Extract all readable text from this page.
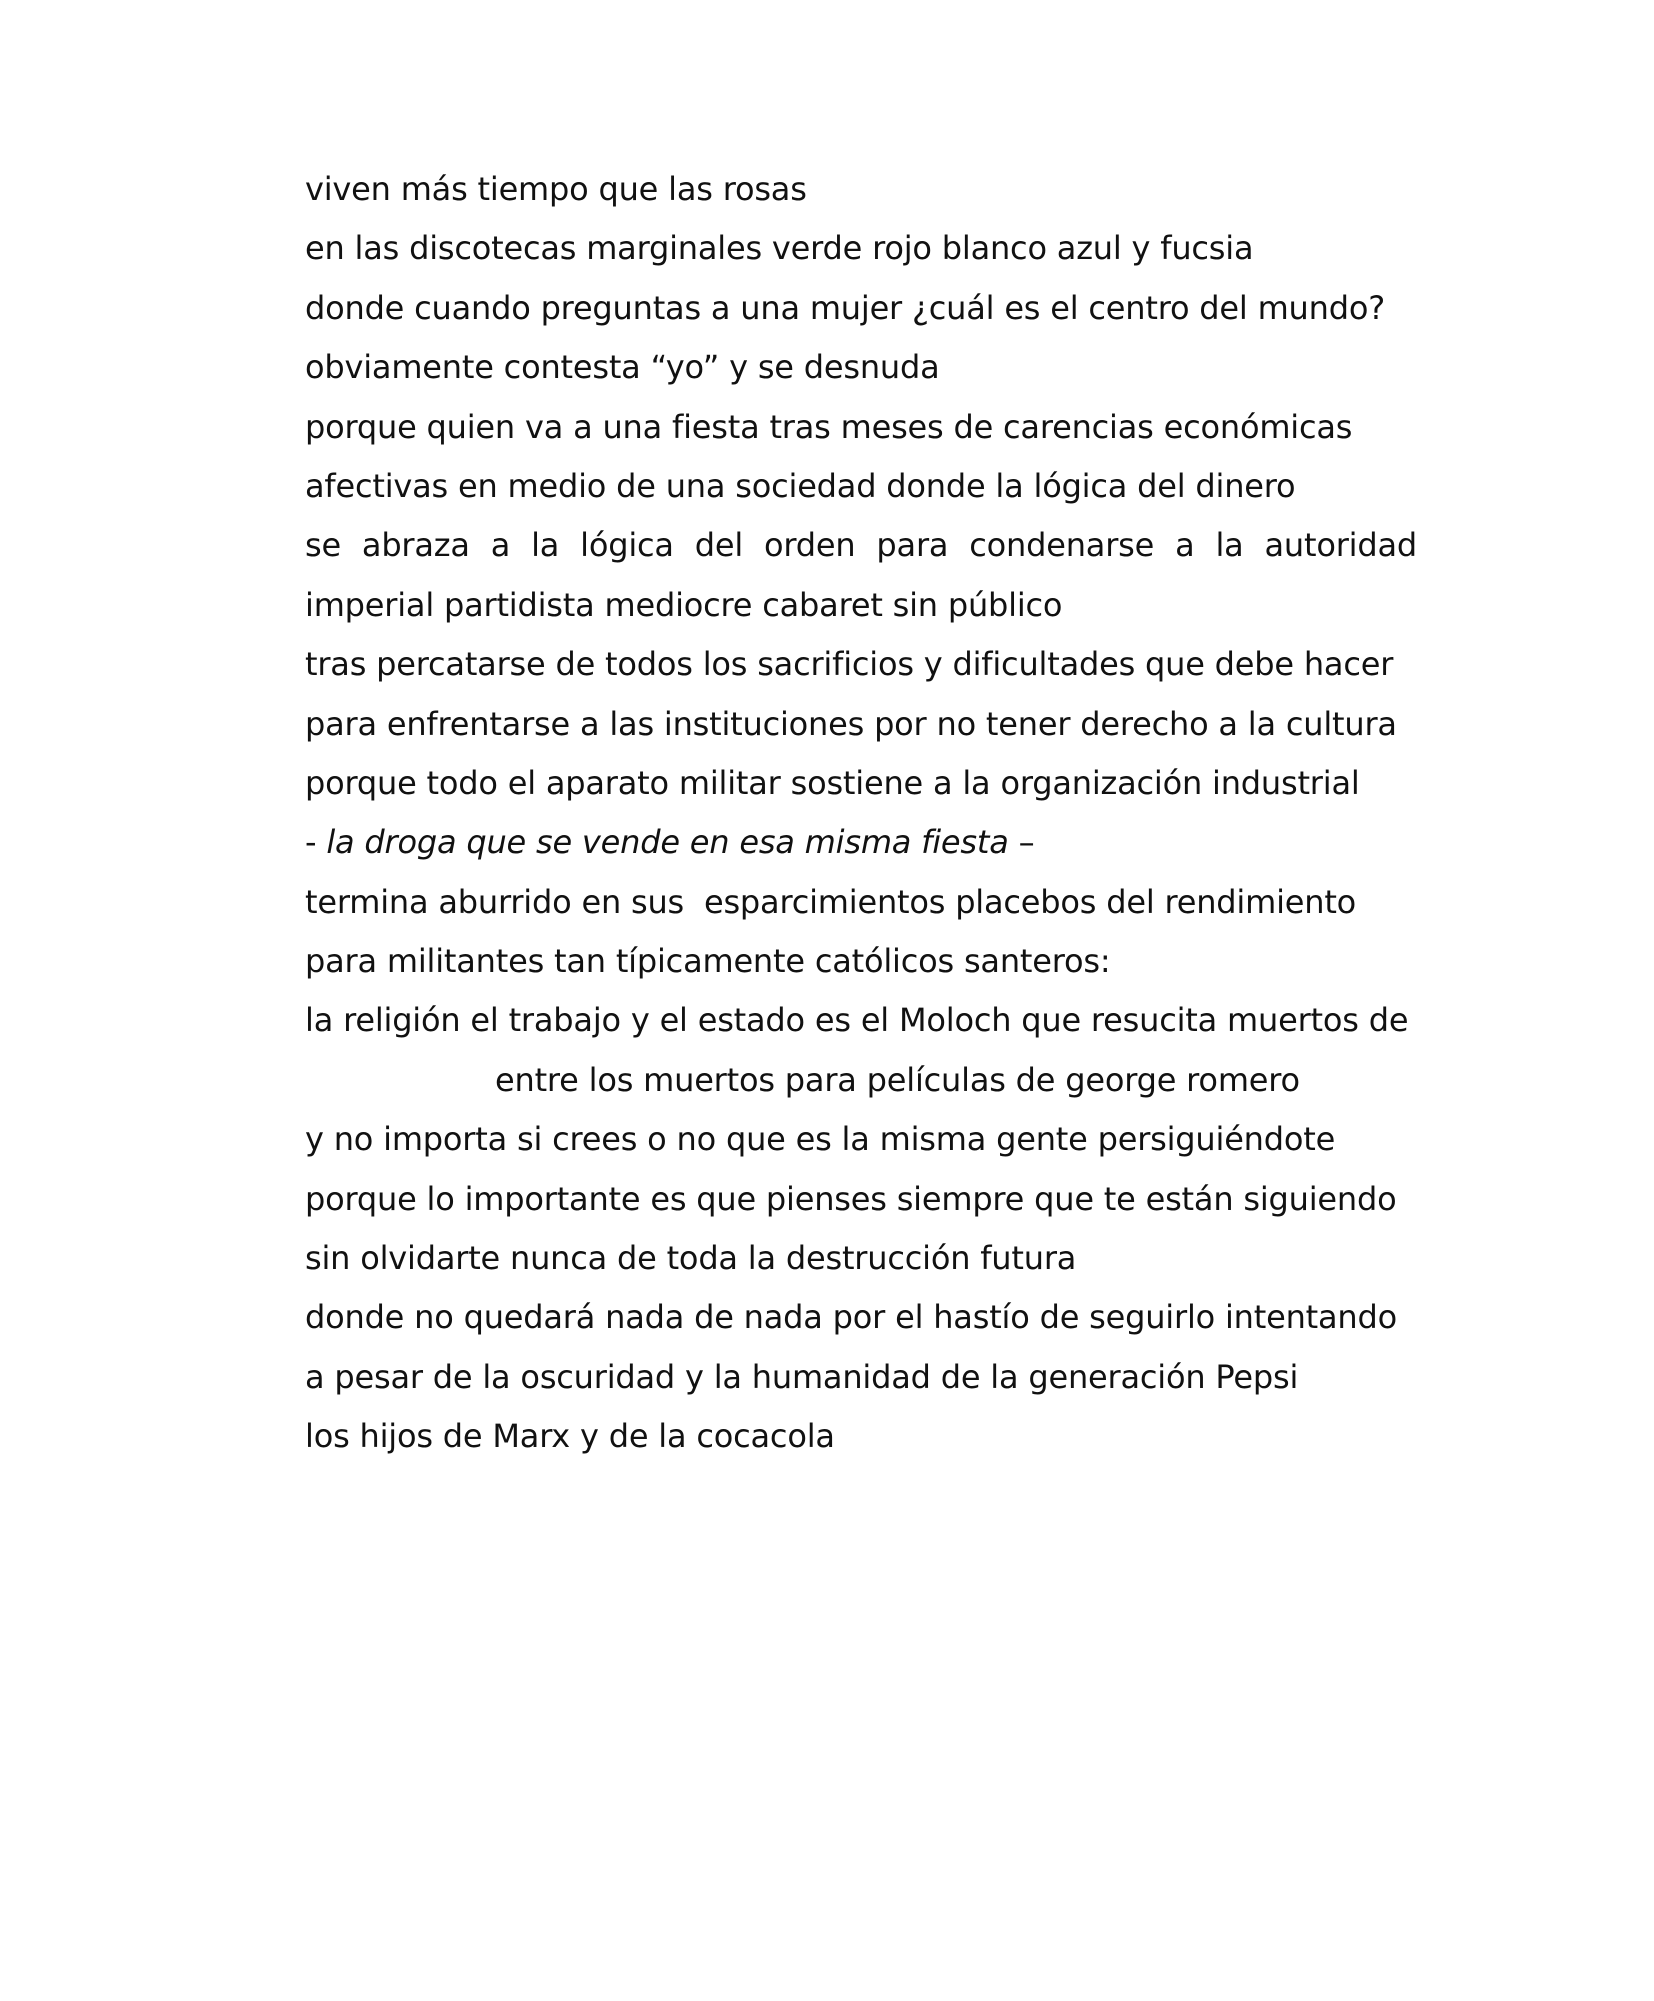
viven más tiempo que las rosas
en las discotecas marginales verde rojo blanco azul y fucsia
donde cuando preguntas a una mujer ¿cuál es el centro del mundo?
obviamente contesta “yo” y se desnuda
porque quien va a una fiesta tras meses de carencias económicas
afectivas en medio de una sociedad donde la lógica del dinero
se abraza a la lógica del orden para condenarse a la autoridad
imperial partidista mediocre cabaret sin público
tras percatarse de todos los sacrificios y dificultades que debe hacer
para enfrentarse a las instituciones por no tener derecho a la cultura
porque todo el aparato militar sostiene a la organización industrial
- la droga que se vende en esa misma fiesta –
termina aburrido en sus  esparcimientos placebos del rendimiento
para militantes tan típicamente católicos santeros:
la religión el trabajo y el estado es el Moloch que resucita muertos de
entre los muertos para películas de george romero
y no importa si crees o no que es la misma gente persiguiéndote
porque lo importante es que pienses siempre que te están siguiendo
sin olvidarte nunca de toda la destrucción futura
donde no quedará nada de nada por el hastío de seguirlo intentando
a pesar de la oscuridad y la humanidad de la generación Pepsi
los hijos de Marx y de la cocacola
